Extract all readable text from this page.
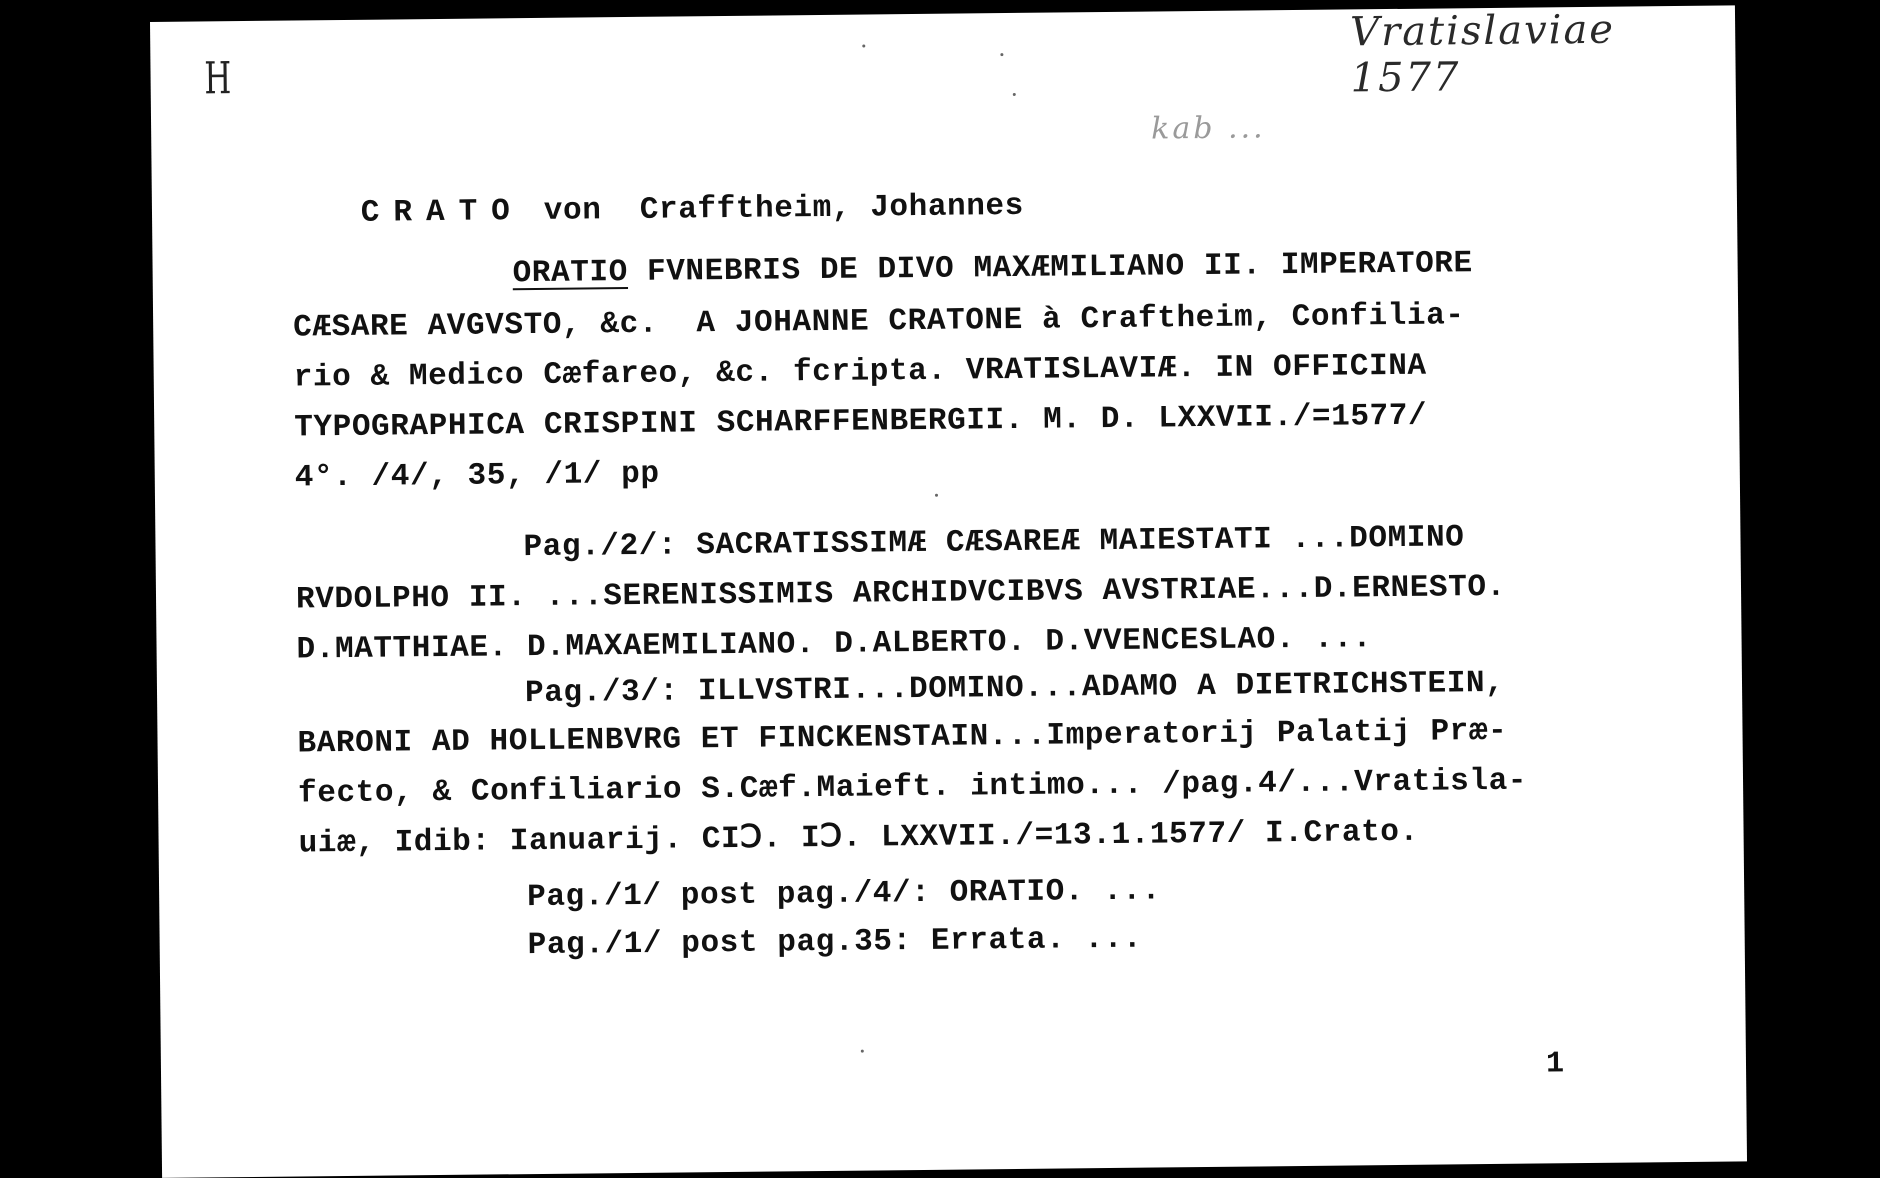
H
Vratislaviae 1577
kab ...

CRATO von  Crafftheim, Johannes

ORATIO FVNEBRIS DE DIVO MAXÆMILIANO II. IMPERATORE
CÆSARE AVGVSTO, &c.  A JOHANNE CRATONE à Craftheim, Confilia-
rio & Medico Cæfareo, &c. fcripta. VRATISLAVIÆ. IN OFFICINA
TYPOGRAPHICA CRISPINI SCHARFFENBERGII. M. D. LXXVII./=1577/
4°. /4/, 35, /1/ pp
Pag./2/: SACRATISSIMÆ CÆSAREÆ MAIESTATI ...DOMINO
RVDOLPHO II. ...SERENISSIMIS ARCHIDVCIBVS AVSTRIAE...D.ERNESTO.
D.MATTHIAE. D.MAXAEMILIANO. D.ALBERTO. D.VVENCESLAO. ...
Pag./3/: ILLVSTRI...DOMINO...ADAMO A DIETRICHSTEIN,
BARONI AD HOLLENBVRG ET FINCKENSTAIN...Imperatorij Palatij Præ-
fecto, & Confiliario S.Cæf.Maieft. intimo... /pag.4/...Vratisla-
uiæ, Idib: Ianuarij. CIↃ. IↃ. LXXVII./=13.1.1577/ I.Crato.
Pag./1/ post pag./4/: ORATIO. ...
Pag./1/ post pag.35: Errata. ...
1
